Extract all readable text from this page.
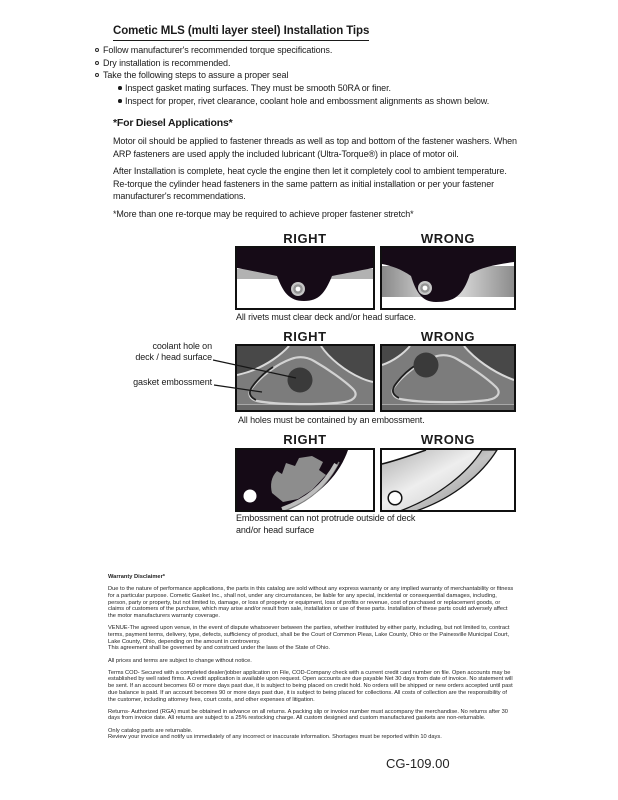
Cometic MLS (multi layer steel) Installation Tips
Follow manufacturer's recommended torque specifications.
Dry installation is recommended.
Take the following steps to assure a proper seal
Inspect gasket mating surfaces. They must be smooth 50RA or finer.
Inspect for proper, rivet clearance, coolant hole and embossment alignments as shown below.
*For Diesel Applications*
Motor oil should be applied to fastener threads as well as top and bottom of the fastener washers. When ARP fasteners are used apply the included lubricant (Ultra-Torque®) in place of motor oil.
After Installation is complete, heat cycle the engine then let it completely cool to ambient temperature. Re-torque the cylinder head fasteners in the same pattern as initial installation or per your fastener manufacturer's recommendations.
*More than one re-torque may be required to achieve proper fastener stretch*
RIGHT	WRONG
All rivets must clear deck and/or head surface.
RIGHT	WRONG
coolant hole on
deck / head surface
gasket embossment
All holes must be contained by an embossment.
RIGHT	WRONG
Embossment can not protrude outside of deck and/or head surface
Warranty Disclaimer*
Due to the nature of performance applications, the parts in this catalog are sold without any express warranty or any implied warranty of merchantability or fitness for a particular purpose. Cometic Gasket Inc., shall not, under any circumstances, be liable for any special, incidental or consequential damages, including, person, party or property, but not limited to, damage, or loss of property or equipment, loss of profits or revenue, cost of purchased or replacement goods, or claims of customers of the purchase, which may arise and/or result from sale, installation or use of these parts. Installation of these parts could adversely affect the motor manufacturers warranty coverage.
VENUE-The agreed upon venue, in the event of dispute whatsoever between the parties, whether instituted by either party, including, but not limited to, contract terms, payment terms, delivery, type, defects, sufficiency of product, shall be the Court of Common Pleas, Lake County, Ohio or the Painesville Municipal Court, Lake County, Ohio, depending on the amount in controversy.
This agreement shall be governed by and construed under the laws of the State of Ohio.
All prices and terms are subject to change without notice.
Terms COD- Secured with a completed dealer/jobber application on File, COD-Company check with a current credit card number on file. Open accounts may be established by well rated firms. A credit application is available upon request. Open accounts are due payable Net 30 days from date of invoice. No statement will be sent. If an account becomes 60 or more days past due, it is subject to being placed on credit hold. No orders will be shipped or new orders accepted until past due balance is paid. If an account becomes 90 or more days past due, it is subject to being placed for collections. All costs of collection are the responsibility of the customer, including attorney fees, court costs, and other expenses of litigation.
Returns- Authorized (RGA) must be obtained in advance on all returns. A packing slip or invoice number must accompany the merchandise. No returns after 30 days from invoice date. All returns are subject to a 25% restocking charge. All custom designed and custom manufactured gaskets are non-returnable.
Only catalog parts are returnable.
Review your invoice and notify us immediately of any incorrect or inaccurate information. Shortages must be reported within 10 days.
CG-109.00
